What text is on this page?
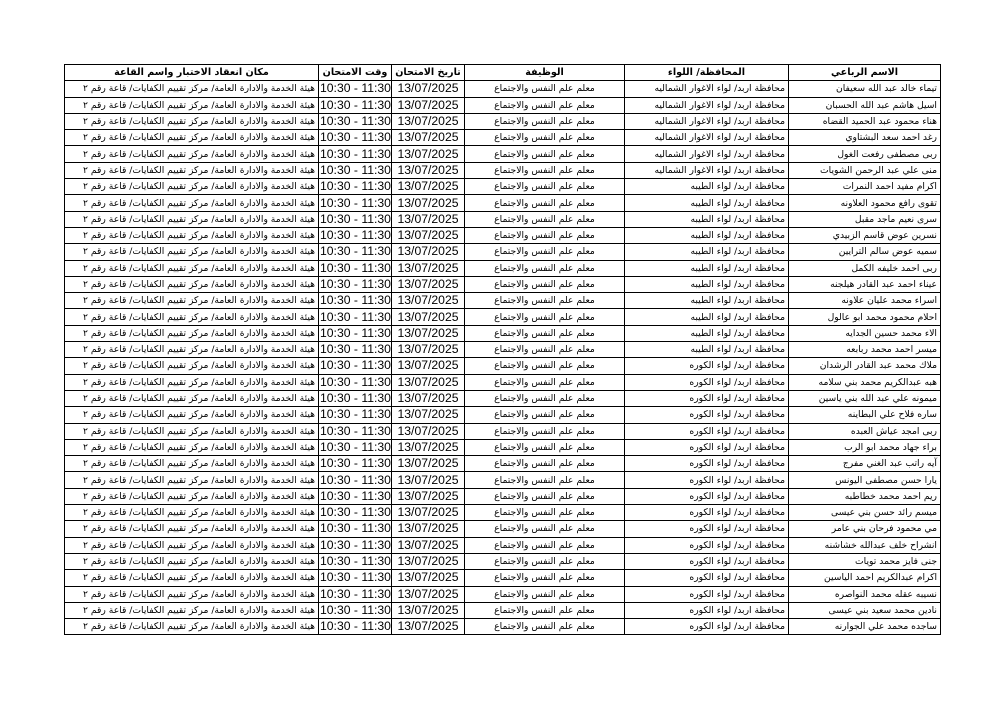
الاسم الرباعي	المحافظة/ اللواء	الوظيفة	تاريخ الامتحان	وقت الامتحان	مكان انعقاد الاختبار واسم القاعة
تيماء خالد عبد الله سعيفان	محافظة اربد/ لواء الاغوار الشماليه	معلم علم النفس والاجتماع	13/07/2025	10:30 - 11:30	هيئة الخدمة والادارة العامة/ مركز تقييم الكفايات/ قاعة رقم ٢
اسيل هاشم عبد الله الحسبان	محافظة اربد/ لواء الاغوار الشماليه	معلم علم النفس والاجتماع	13/07/2025	10:30 - 11:30	هيئة الخدمة والادارة العامة/ مركز تقييم الكفايات/ قاعة رقم ٢
هناء محمود عبد الحميد القضاه	محافظة اربد/ لواء الاغوار الشماليه	معلم علم النفس والاجتماع	13/07/2025	10:30 - 11:30	هيئة الخدمة والادارة العامة/ مركز تقييم الكفايات/ قاعة رقم ٢
رغد احمد سعد البشتاوي	محافظة اربد/ لواء الاغوار الشماليه	معلم علم النفس والاجتماع	13/07/2025	10:30 - 11:30	هيئة الخدمة والادارة العامة/ مركز تقييم الكفايات/ قاعة رقم ٢
ربى مصطفى رفعت الغول	محافظة اربد/ لواء الاغوار الشماليه	معلم علم النفس والاجتماع	13/07/2025	10:30 - 11:30	هيئة الخدمة والادارة العامة/ مركز تقييم الكفايات/ قاعة رقم ٢
منى علي عبد الرحمن الشويات	محافظة اربد/ لواء الاغوار الشماليه	معلم علم النفس والاجتماع	13/07/2025	10:30 - 11:30	هيئة الخدمة والادارة العامة/ مركز تقييم الكفايات/ قاعة رقم ٢
اكرام مفيد احمد النمرات	محافظة اربد/ لواء الطيبه	معلم علم النفس والاجتماع	13/07/2025	10:30 - 11:30	هيئة الخدمة والادارة العامة/ مركز تقييم الكفايات/ قاعة رقم ٢
تقوى رافع محمود العلاونه	محافظة اربد/ لواء الطيبه	معلم علم النفس والاجتماع	13/07/2025	10:30 - 11:30	هيئة الخدمة والادارة العامة/ مركز تقييم الكفايات/ قاعة رقم ٢
سرى نعيم ماجد مقبل	محافظة اربد/ لواء الطيبه	معلم علم النفس والاجتماع	13/07/2025	10:30 - 11:30	هيئة الخدمة والادارة العامة/ مركز تقييم الكفايات/ قاعة رقم ٢
نسرين عوض قاسم الزبيدي	محافظة اربد/ لواء الطيبه	معلم علم النفس والاجتماع	13/07/2025	10:30 - 11:30	هيئة الخدمة والادارة العامة/ مركز تقييم الكفايات/ قاعة رقم ٢
سميه عوض سالم الترايين	محافظة اربد/ لواء الطيبه	معلم علم النفس والاجتماع	13/07/2025	10:30 - 11:30	هيئة الخدمة والادارة العامة/ مركز تقييم الكفايات/ قاعة رقم ٢
ربى احمد خليفه الكمل	محافظة اربد/ لواء الطيبه	معلم علم النفس والاجتماع	13/07/2025	10:30 - 11:30	هيئة الخدمة والادارة العامة/ مركز تقييم الكفايات/ قاعة رقم ٢
عيناء احمد عبد القادر هيلجنه	محافظة اربد/ لواء الطيبه	معلم علم النفس والاجتماع	13/07/2025	10:30 - 11:30	هيئة الخدمة والادارة العامة/ مركز تقييم الكفايات/ قاعة رقم ٢
اسراء محمد عليان علاونه	محافظة اربد/ لواء الطيبه	معلم علم النفس والاجتماع	13/07/2025	10:30 - 11:30	هيئة الخدمة والادارة العامة/ مركز تقييم الكفايات/ قاعة رقم ٢
احلام محمود محمد ابو عالول	محافظة اربد/ لواء الطيبه	معلم علم النفس والاجتماع	13/07/2025	10:30 - 11:30	هيئة الخدمة والادارة العامة/ مركز تقييم الكفايات/ قاعة رقم ٢
الاء محمد حسين الجدايه	محافظة اربد/ لواء الطيبه	معلم علم النفس والاجتماع	13/07/2025	10:30 - 11:30	هيئة الخدمة والادارة العامة/ مركز تقييم الكفايات/ قاعة رقم ٢
ميسر احمد محمد ربابعه	محافظة اربد/ لواء الطيبه	معلم علم النفس والاجتماع	13/07/2025	10:30 - 11:30	هيئة الخدمة والادارة العامة/ مركز تقييم الكفايات/ قاعة رقم ٢
ملاك محمد عبد القادر الرشدان	محافظة اربد/ لواء الكوره	معلم علم النفس والاجتماع	13/07/2025	10:30 - 11:30	هيئة الخدمة والادارة العامة/ مركز تقييم الكفايات/ قاعة رقم ٢
هبه عبدالكريم محمد بني سلامه	محافظة اربد/ لواء الكوره	معلم علم النفس والاجتماع	13/07/2025	10:30 - 11:30	هيئة الخدمة والادارة العامة/ مركز تقييم الكفايات/ قاعة رقم ٢
ميمونه علي عبد الله بني ياسين	محافظة اربد/ لواء الكوره	معلم علم النفس والاجتماع	13/07/2025	10:30 - 11:30	هيئة الخدمة والادارة العامة/ مركز تقييم الكفايات/ قاعة رقم ٢
ساره فلاح علي البطاينه	محافظة اربد/ لواء الكوره	معلم علم النفس والاجتماع	13/07/2025	10:30 - 11:30	هيئة الخدمة والادارة العامة/ مركز تقييم الكفايات/ قاعة رقم ٢
ربى امجد عياش العبده	محافظة اربد/ لواء الكوره	معلم علم النفس والاجتماع	13/07/2025	10:30 - 11:30	هيئة الخدمة والادارة العامة/ مركز تقييم الكفايات/ قاعة رقم ٢
براء جهاد محمد ابو الرب	محافظة اربد/ لواء الكوره	معلم علم النفس والاجتماع	13/07/2025	10:30 - 11:30	هيئة الخدمة والادارة العامة/ مركز تقييم الكفايات/ قاعة رقم ٢
آيه راتب عبد الغني مفرج	محافظة اربد/ لواء الكوره	معلم علم النفس والاجتماع	13/07/2025	10:30 - 11:30	هيئة الخدمة والادارة العامة/ مركز تقييم الكفايات/ قاعة رقم ٢
يارا حسن مصطفى اليونس	محافظة اربد/ لواء الكوره	معلم علم النفس والاجتماع	13/07/2025	10:30 - 11:30	هيئة الخدمة والادارة العامة/ مركز تقييم الكفايات/ قاعة رقم ٢
ريم احمد محمد خطاطبه	محافظة اربد/ لواء الكوره	معلم علم النفس والاجتماع	13/07/2025	10:30 - 11:30	هيئة الخدمة والادارة العامة/ مركز تقييم الكفايات/ قاعة رقم ٢
ميسم رائد حسن بني عيسى	محافظة اربد/ لواء الكوره	معلم علم النفس والاجتماع	13/07/2025	10:30 - 11:30	هيئة الخدمة والادارة العامة/ مركز تقييم الكفايات/ قاعة رقم ٢
مي محمود فرحان بني عامر	محافظة اربد/ لواء الكوره	معلم علم النفس والاجتماع	13/07/2025	10:30 - 11:30	هيئة الخدمة والادارة العامة/ مركز تقييم الكفايات/ قاعة رقم ٢
انشراح خلف عبدالله خشاشنه	محافظة اربد/ لواء الكوره	معلم علم النفس والاجتماع	13/07/2025	10:30 - 11:30	هيئة الخدمة والادارة العامة/ مركز تقييم الكفايات/ قاعة رقم ٢
جنى فايز محمد تويات	محافظة اربد/ لواء الكوره	معلم علم النفس والاجتماع	13/07/2025	10:30 - 11:30	هيئة الخدمة والادارة العامة/ مركز تقييم الكفايات/ قاعة رقم ٢
اكرام عبدالكريم احمد الياسين	محافظة اربد/ لواء الكوره	معلم علم النفس والاجتماع	13/07/2025	10:30 - 11:30	هيئة الخدمة والادارة العامة/ مركز تقييم الكفايات/ قاعة رقم ٢
نسيبه عقله محمد النواصره	محافظة اربد/ لواء الكوره	معلم علم النفس والاجتماع	13/07/2025	10:30 - 11:30	هيئة الخدمة والادارة العامة/ مركز تقييم الكفايات/ قاعة رقم ٢
نادين محمد سعيد بني عيسى	محافظة اربد/ لواء الكوره	معلم علم النفس والاجتماع	13/07/2025	10:30 - 11:30	هيئة الخدمة والادارة العامة/ مركز تقييم الكفايات/ قاعة رقم ٢
ساجده محمد علي الجوارنه	محافظة اربد/ لواء الكوره	معلم علم النفس والاجتماع	13/07/2025	10:30 - 11:30	هيئة الخدمة والادارة العامة/ مركز تقييم الكفايات/ قاعة رقم ٢
